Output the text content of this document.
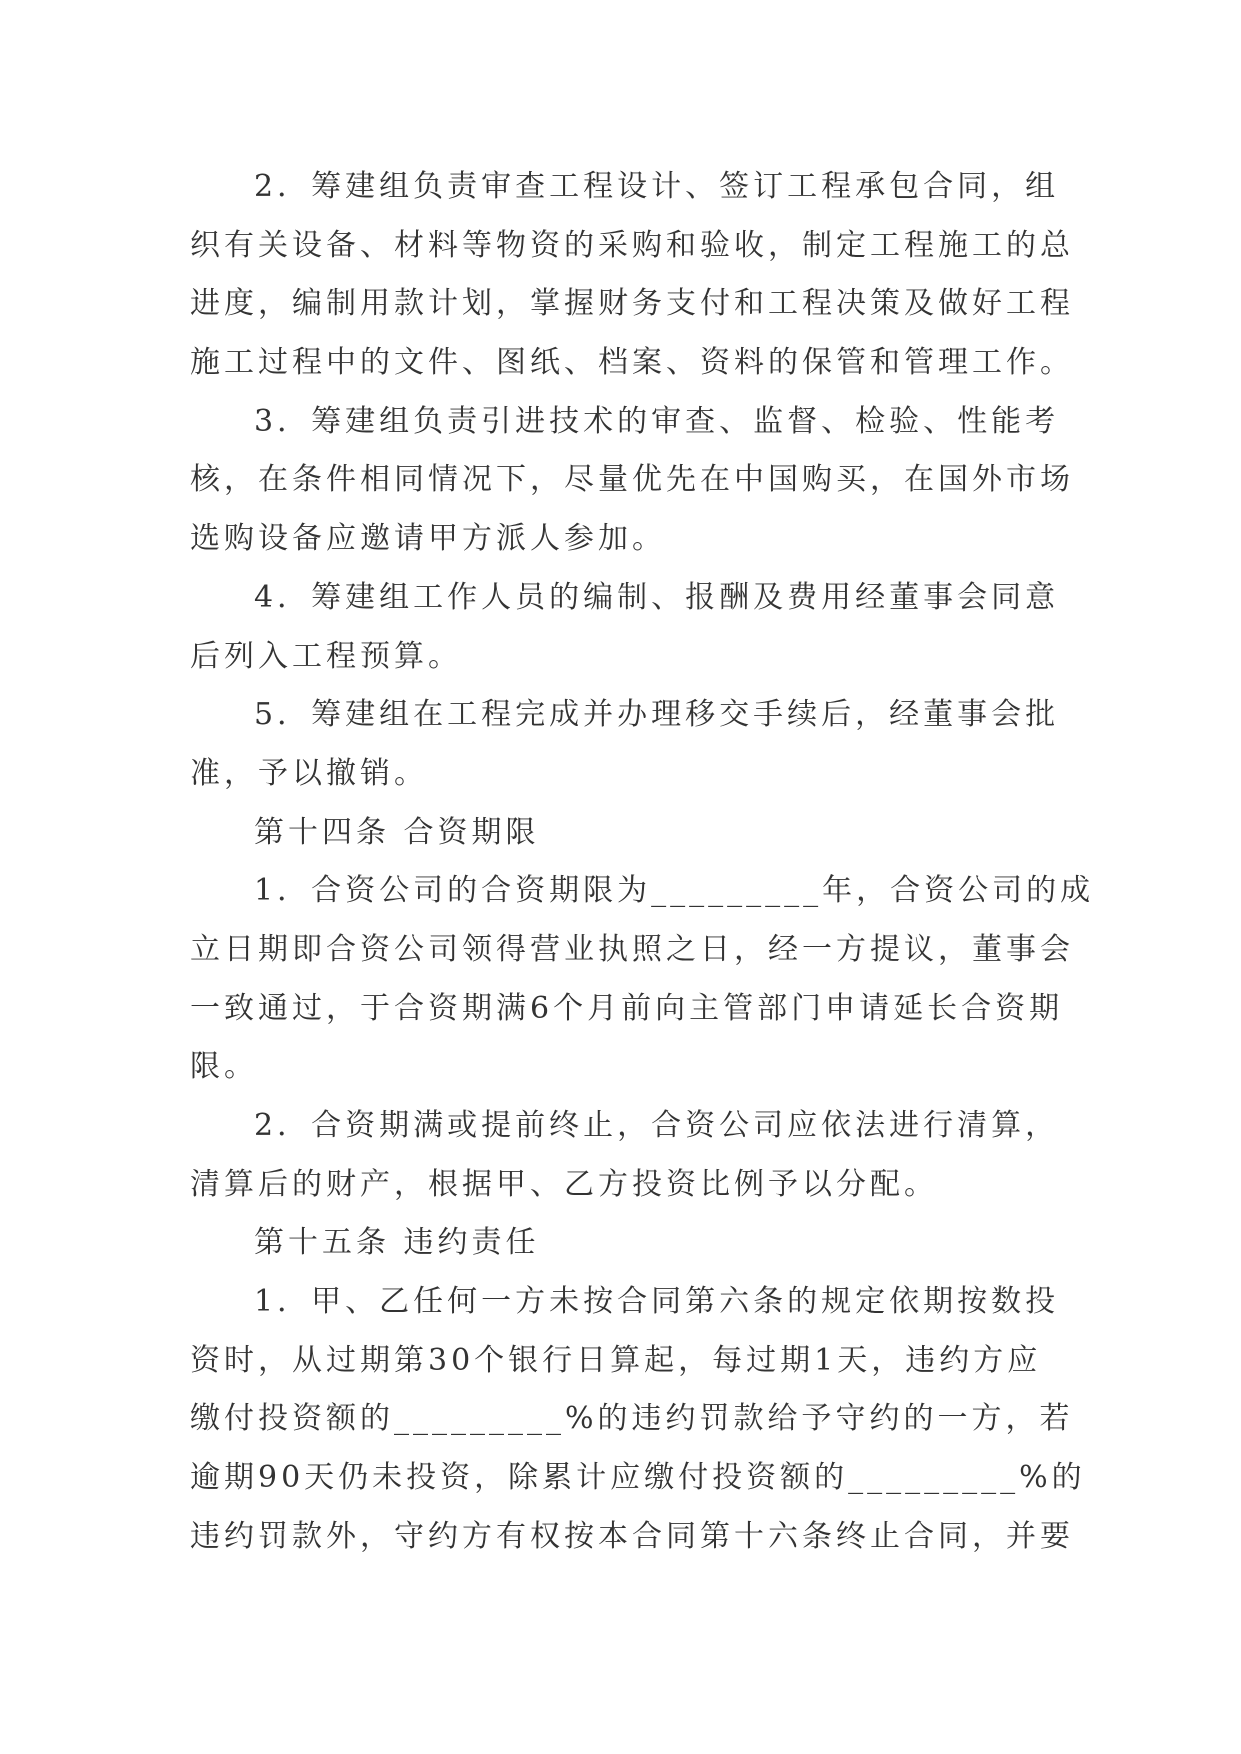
2．筹建组负责审查工程设计、签订工程承包合同，组
织有关设备、材料等物资的采购和验收，制定工程施工的总
进度，编制用款计划，掌握财务支付和工程决策及做好工程
施工过程中的文件、图纸、档案、资料的保管和管理工作。
3．筹建组负责引进技术的审查、监督、检验、性能考
核，在条件相同情况下，尽量优先在中国购买，在国外市场
选购设备应邀请甲方派人参加。
4．筹建组工作人员的编制、报酬及费用经董事会同意
后列入工程预算。
5．筹建组在工程完成并办理移交手续后，经董事会批
准，予以撤销。
第十四条 合资期限
1．合资公司的合资期限为_________年，合资公司的成
立日期即合资公司领得营业执照之日，经一方提议，董事会
一致通过，于合资期满6个月前向主管部门申请延长合资期
限。
2．合资期满或提前终止，合资公司应依法进行清算，
清算后的财产，根据甲、乙方投资比例予以分配。
第十五条 违约责任
1．甲、乙任何一方未按合同第六条的规定依期按数投
资时，从过期第30个银行日算起，每过期1天，违约方应
缴付投资额的_________%的违约罚款给予守约的一方，若
逾期90天仍未投资，除累计应缴付投资额的_________%的
违约罚款外，守约方有权按本合同第十六条终止合同，并要
